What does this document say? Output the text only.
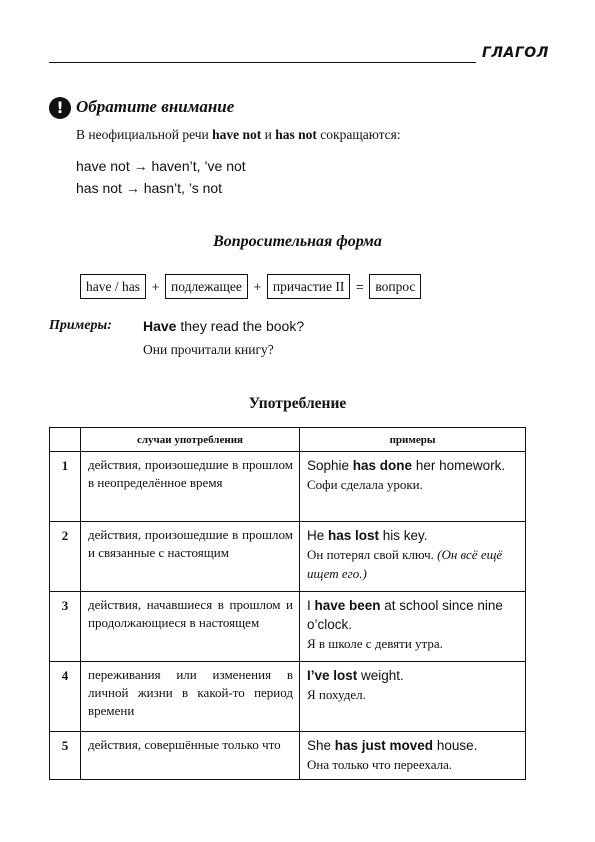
ГЛАГОЛ
! Обратите внимание
В неофициальной речи have not и has not сокращаются:
have not → haven’t, ’ve not
has not → hasn’t, ’s not
Вопросительная форма
have / has + подлежащее + причастие II = вопрос
Примеры: Have they read the book?
Они прочитали книгу?
Употребление
	случаи употребления	примеры
1	действия, произошедшие в прошлом в неопределённое время	Sophie has done her homework.
Софи сделала уроки.

2	действия, произошедшие в прошлом и связанные с настоящим	He has lost his key.
Он потерял свой ключ. (Он всё ещё ищет его.)

3	действия, начавшиеся в прошлом и продолжающиеся в настоящем	I have been at school since nine o’clock.
Я в школе с девяти утра.

4	переживания или изменения в личной жизни в какой-то период времени	I’ve lost weight.
Я похудел.

5	действия, совершённые только что	She has just moved house.
Она только что переехала.
